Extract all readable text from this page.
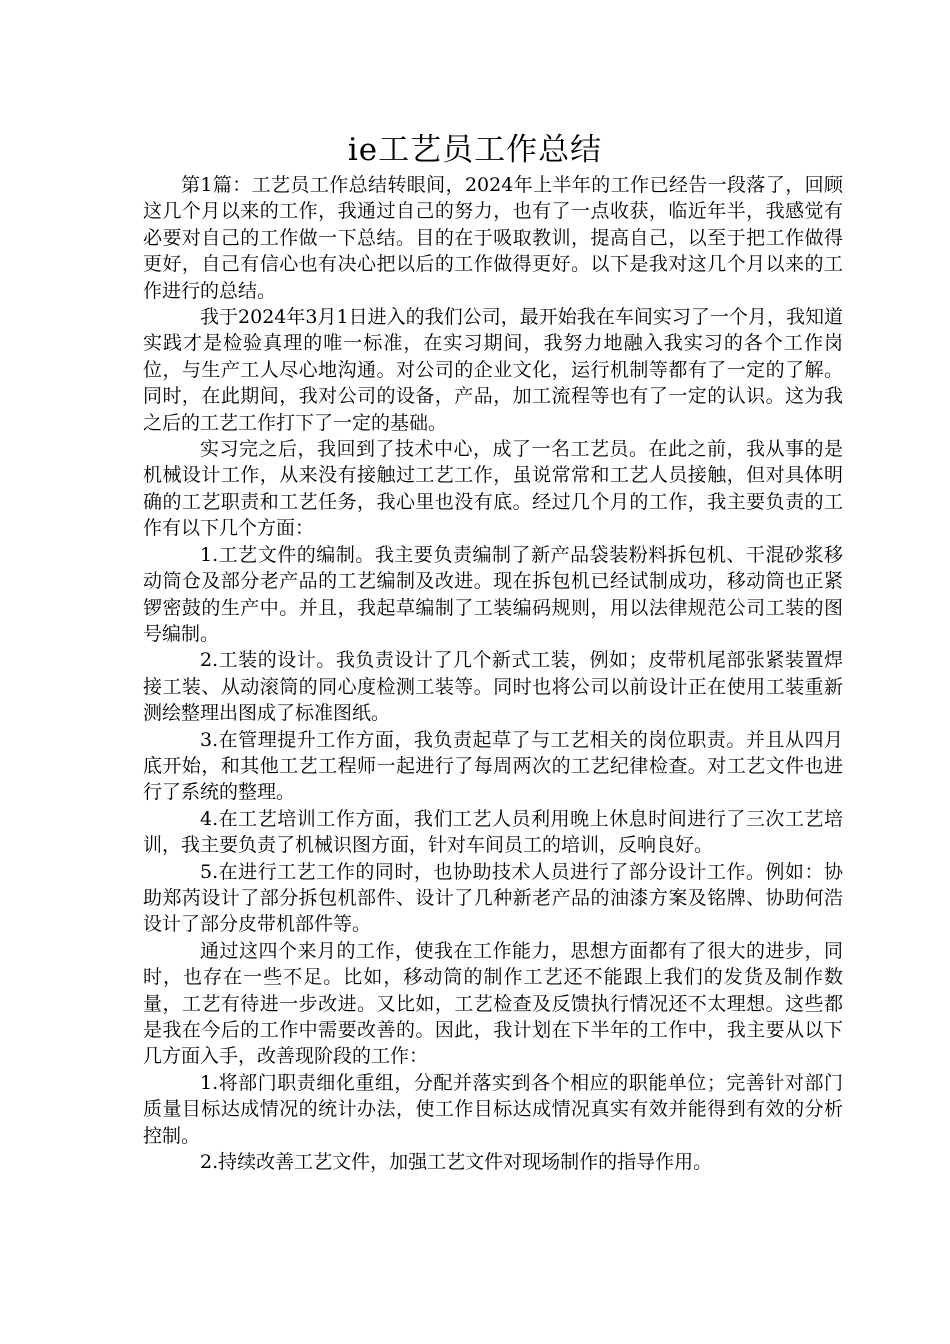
ie工艺员工作总结

第1篇：工艺员工作总结转眼间，2024年上半年的工作已经告一段落了，回顾这几个月以来的工作，我通过自己的努力，也有了一点收获，临近年半，我感觉有必要对自己的工作做一下总结。目的在于吸取教训，提高自己，以至于把工作做得更好，自己有信心也有决心把以后的工作做得更好。以下是我对这几个月以来的工作进行的总结。

我于2024年3月1日进入的我们公司，最开始我在车间实习了一个月，我知道实践才是检验真理的唯一标准，在实习期间，我努力地融入我实习的各个工作岗位，与生产工人尽心地沟通。对公司的企业文化，运行机制等都有了一定的了解。同时，在此期间，我对公司的设备，产品，加工流程等也有了一定的认识。这为我之后的工艺工作打下了一定的基础。

实习完之后，我回到了技术中心，成了一名工艺员。在此之前，我从事的是机械设计工作，从来没有接触过工艺工作，虽说常常和工艺人员接触，但对具体明确的工艺职责和工艺任务，我心里也没有底。经过几个月的工作，我主要负责的工作有以下几个方面：

1.工艺文件的编制。我主要负责编制了新产品袋装粉料拆包机、干混砂浆移动筒仓及部分老产品的工艺编制及改进。现在拆包机已经试制成功，移动筒也正紧锣密鼓的生产中。并且，我起草编制了工装编码规则，用以法律规范公司工装的图号编制。

2.工装的设计。我负责设计了几个新式工装，例如；皮带机尾部张紧装置焊接工装、从动滚筒的同心度检测工装等。同时也将公司以前设计正在使用工装重新测绘整理出图成了标准图纸。

3.在管理提升工作方面，我负责起草了与工艺相关的岗位职责。并且从四月底开始，和其他工艺工程师一起进行了每周两次的工艺纪律检查。对工艺文件也进行了系统的整理。

4.在工艺培训工作方面，我们工艺人员利用晚上休息时间进行了三次工艺培训，我主要负责了机械识图方面，针对车间员工的培训，反响良好。

5.在进行工艺工作的同时，也协助技术人员进行了部分设计工作。例如：协助郑芮设计了部分拆包机部件、设计了几种新老产品的油漆方案及铭牌、协助何浩设计了部分皮带机部件等。

通过这四个来月的工作，使我在工作能力，思想方面都有了很大的进步，同时，也存在一些不足。比如，移动筒的制作工艺还不能跟上我们的发货及制作数量，工艺有待进一步改进。又比如，工艺检查及反馈执行情况还不太理想。这些都是我在今后的工作中需要改善的。因此，我计划在下半年的工作中，我主要从以下几方面入手，改善现阶段的工作：

1.将部门职责细化重组，分配并落实到各个相应的职能单位；完善针对部门质量目标达成情况的统计办法，使工作目标达成情况真实有效并能得到有效的分析控制。

2.持续改善工艺文件，加强工艺文件对现场制作的指导作用。
